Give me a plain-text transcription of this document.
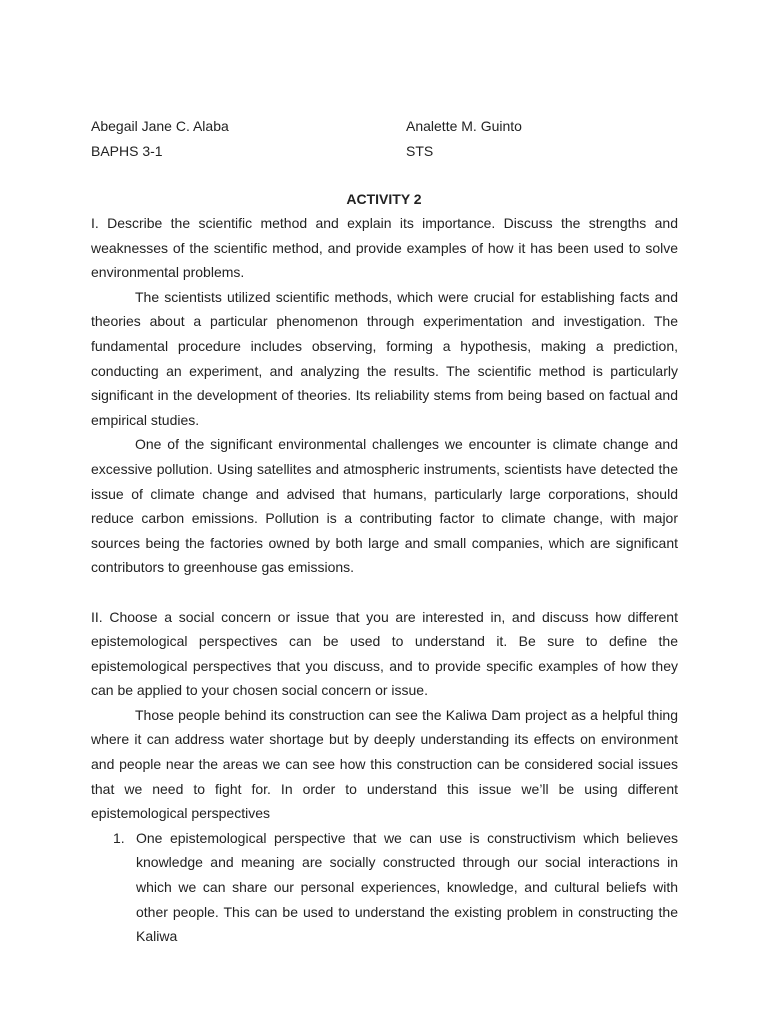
Abegail Jane C. Alaba	Analette M. Guinto
BAPHS 3-1	STS
ACTIVITY 2

I. Describe the scientific method and explain its importance. Discuss the strengths and weaknesses of the scientific method, and provide examples of how it has been used to solve environmental problems.

The scientists utilized scientific methods, which were crucial for establishing facts and theories about a particular phenomenon through experimentation and investigation. The fundamental procedure includes observing, forming a hypothesis, making a prediction, conducting an experiment, and analyzing the results. The scientific method is particularly significant in the development of theories. Its reliability stems from being based on factual and empirical studies.

One of the significant environmental challenges we encounter is climate change and excessive pollution. Using satellites and atmospheric instruments, scientists have detected the issue of climate change and advised that humans, particularly large corporations, should reduce carbon emissions. Pollution is a contributing factor to climate change, with major sources being the factories owned by both large and small companies, which are significant contributors to greenhouse gas emissions.

II. Choose a social concern or issue that you are interested in, and discuss how different epistemological perspectives can be used to understand it. Be sure to define the epistemological perspectives that you discuss, and to provide specific examples of how they can be applied to your chosen social concern or issue.

Those people behind its construction can see the Kaliwa Dam project as a helpful thing where it can address water shortage but by deeply understanding its effects on environment and people near the areas we can see how this construction can be considered social issues that we need to fight for. In order to understand this issue we’ll be using different epistemological perspectives

1. One epistemological perspective that we can use is constructivism which believes knowledge and meaning are socially constructed through our social interactions in which we can share our personal experiences, knowledge, and cultural beliefs with other people. This can be used to understand the existing problem in constructing the Kaliwa
